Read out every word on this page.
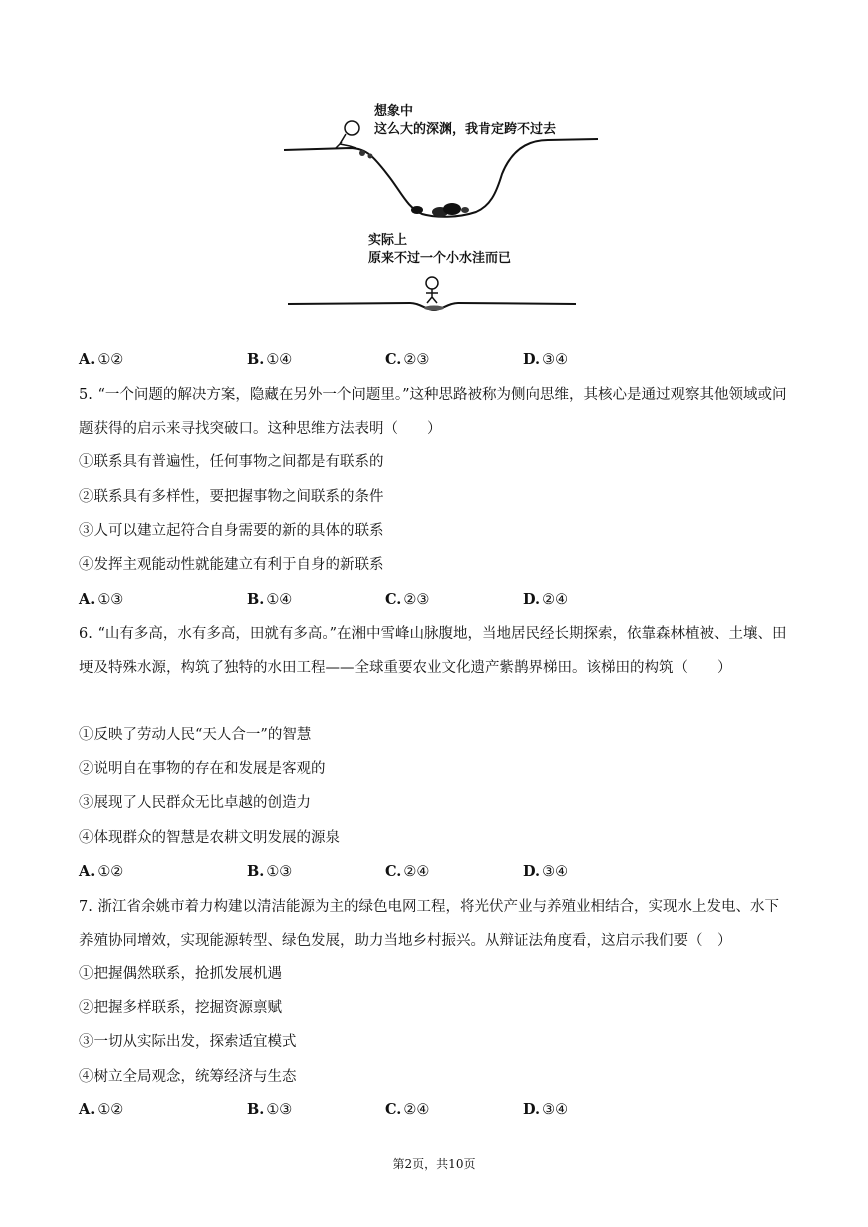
想象中
这么大的深渊，我肯定跨不过去
实际上
原来不过一个小水洼而已
A. ①②	B. ①④	C. ②③	D. ③④
5. “一个问题的解决方案，隐藏在另外一个问题里。”这种思路被称为侧向思维，其核心是通过观察其他领域或问题获得的启示来寻找突破口。这种思维方法表明（　　）
①联系具有普遍性，任何事物之间都是有联系的
②联系具有多样性，要把握事物之间联系的条件
③人可以建立起符合自身需要的新的具体的联系
④发挥主观能动性就能建立有利于自身的新联系
A. ①③	B. ①④	C. ②③	D. ②④
6. “山有多高，水有多高，田就有多高。”在湘中雪峰山脉腹地，当地居民经长期探索，依靠森林植被、土壤、田埂及特殊水源，构筑了独特的水田工程——全球重要农业文化遗产紫鹊界梯田。该梯田的构筑（　　）
①反映了劳动人民“天人合一”的智慧
②说明自在事物的存在和发展是客观的
③展现了人民群众无比卓越的创造力
④体现群众的智慧是农耕文明发展的源泉
A. ①②	B. ①③	C. ②④	D. ③④
7. 浙江省余姚市着力构建以清洁能源为主的绿色电网工程，将光伏产业与养殖业相结合，实现水上发电、水下养殖协同增效，实现能源转型、绿色发展，助力当地乡村振兴。从辩证法角度看，这启示我们要（　）
①把握偶然联系，抢抓发展机遇
②把握多样联系，挖掘资源禀赋
③一切从实际出发，探索适宜模式
④树立全局观念，统筹经济与生态
A. ①②	B. ①③	C. ②④	D. ③④
第2页，共10页
